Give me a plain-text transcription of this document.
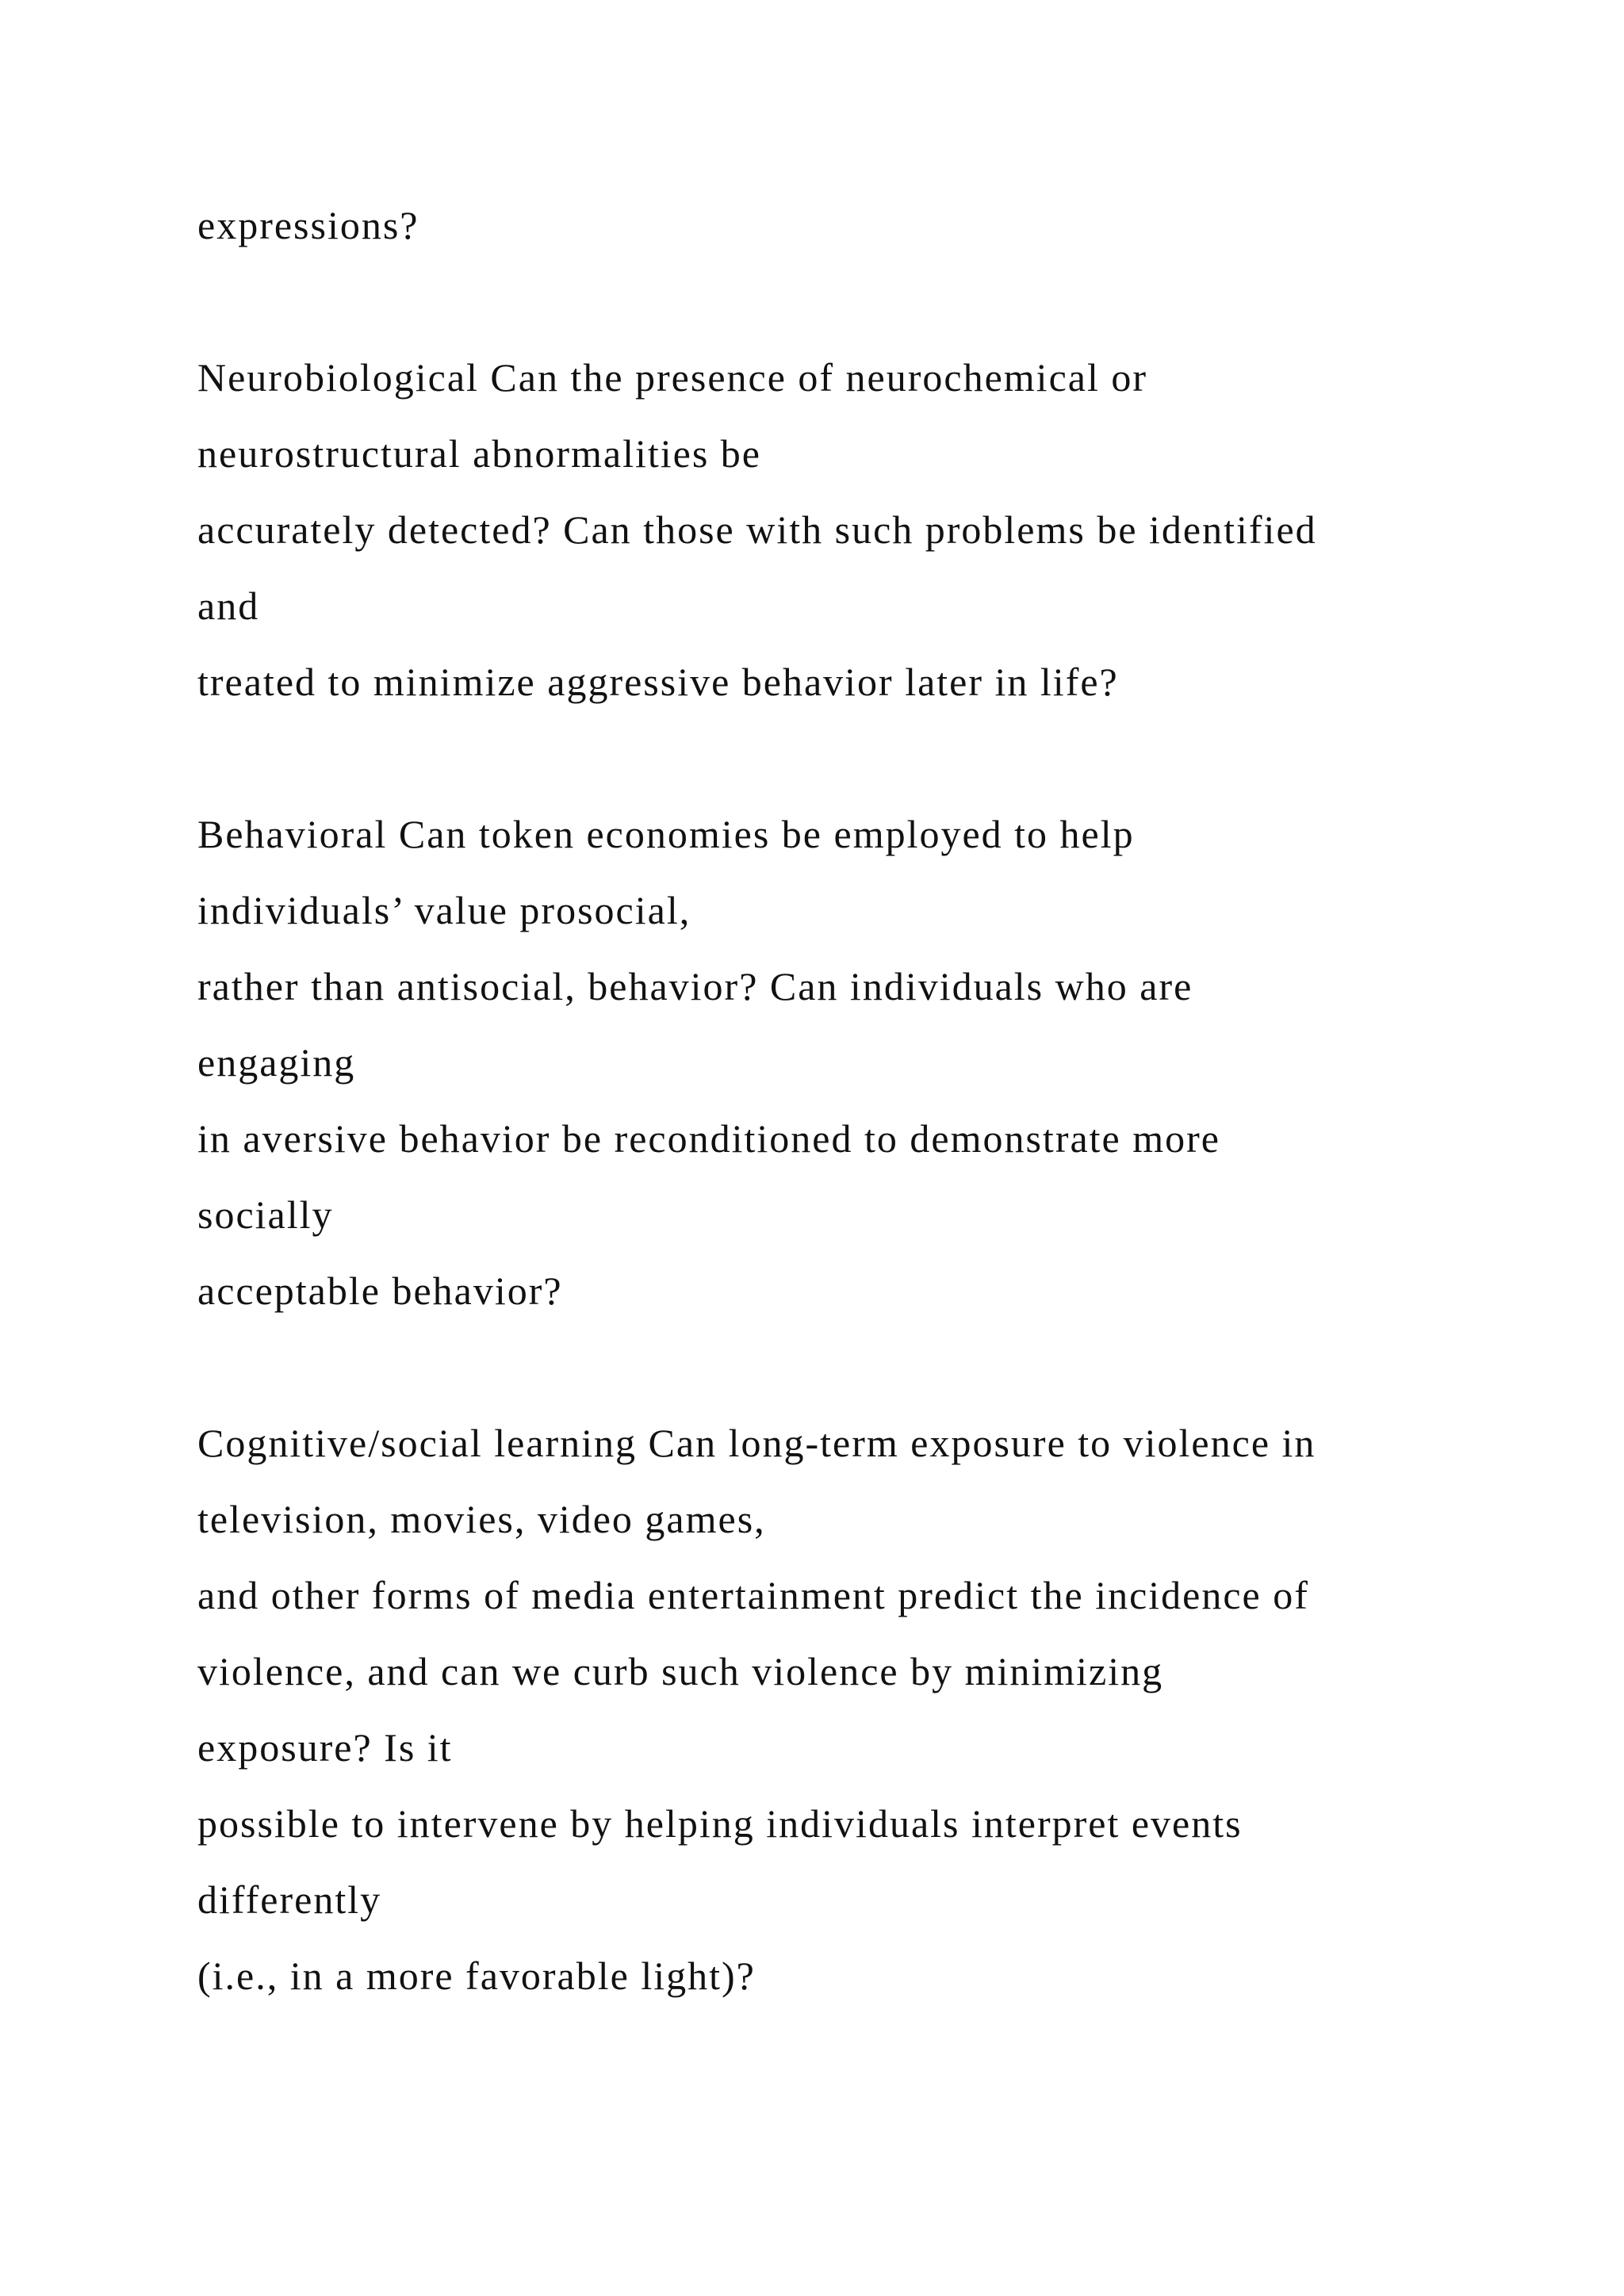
expressions?
Neurobiological Can the presence of neurochemical or
neurostructural abnormalities be
accurately detected? Can those with such problems be identified
and
treated to minimize aggressive behavior later in life?
Behavioral Can token economies be employed to help
individuals’ value prosocial,
rather than antisocial, behavior? Can individuals who are
engaging
in aversive behavior be reconditioned to demonstrate more
socially
acceptable behavior?
Cognitive/social learning Can long-term exposure to violence in
television, movies, video games,
and other forms of media entertainment predict the incidence of
violence, and can we curb such violence by minimizing
exposure? Is it
possible to intervene by helping individuals interpret events
differently
(i.e., in a more favorable light)?
